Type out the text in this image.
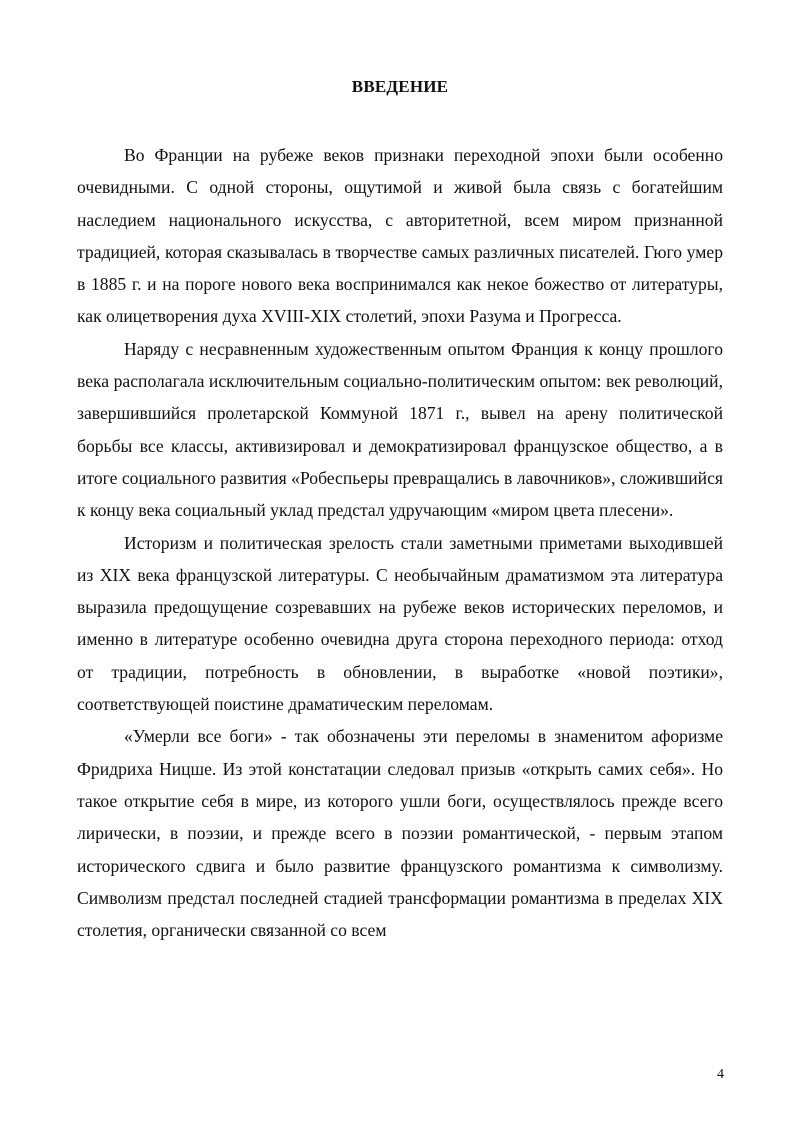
ВВЕДЕНИЕ

Во Франции на рубеже веков признаки переходной эпохи были особенно очевидными. С одной стороны, ощутимой и живой была связь с богатейшим наследием национального искусства, с авторитетной, всем миром признанной традицией, которая сказывалась в творчестве самых различных писателей. Гюго умер в 1885 г. и на пороге нового века воспринимался как некое божество от литературы, как олицетворения духа XVIII-XIX столетий, эпохи Разума и Прогресса.

Наряду с несравненным художественным опытом Франция к концу прошлого века располагала исключительным социально-политическим опытом: век революций, завершившийся пролетарской Коммуной 1871 г., вывел на арену политической борьбы все классы, активизировал и демократизировал французское общество, а в итоге социального развития «Робеспьеры превращались в лавочников», сложившийся к концу века социальный уклад предстал удручающим «миром цвета плесени».

Историзм и политическая зрелость стали заметными приметами выходившей из XIX века французской литературы. С необычайным драматизмом эта литература выразила предощущение созревавших на рубеже веков исторических переломов, и именно в литературе особенно очевидна друга сторона переходного периода: отход от традиции, потребность в обновлении, в выработке «новой поэтики», соответствующей поистине драматическим переломам.

«Умерли все боги» - так обозначены эти переломы в знаменитом афоризме Фридриха Ницше. Из этой констатации следовал призыв «открыть самих себя». Но такое открытие себя в мире, из которого ушли боги, осуществлялось прежде всего лирически, в поэзии, и прежде всего в поэзии романтической, - первым этапом исторического сдвига и было развитие французского романтизма к символизму. Символизм предстал последней стадией трансформации романтизма в пределах XIX столетия, органически связанной со всем

4
